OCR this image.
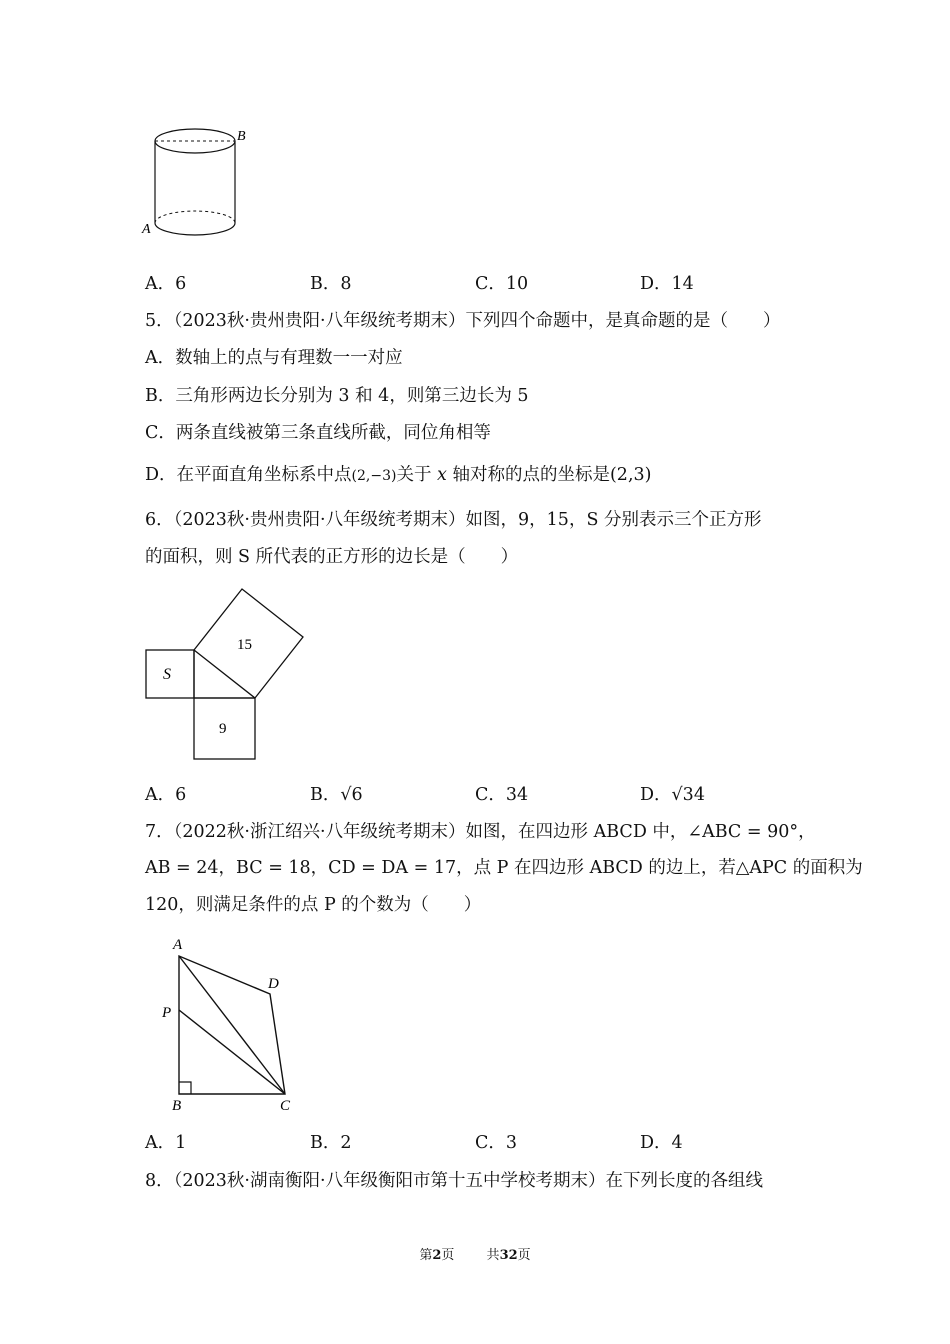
B
A
A．6	B．8	C．10	D．14
5．（2023秋·贵州贵阳·八年级统考期末）下列四个命题中，是真命题的是（　　）
A．数轴上的点与有理数一一对应
B．三角形两边长分别为 3 和 4，则第三边长为 5
C．两条直线被第三条直线所截，同位角相等
D．在平面直角坐标系中点(2,−3)关于 x 轴对称的点的坐标是(2,3)
6．（2023秋·贵州贵阳·八年级统考期末）如图，9，15，S 分别表示三个正方形
的面积，则 S 所代表的正方形的边长是（　　）
15
S
9
A．6	B．√6	C．34	D．√34
7．（2022秋·浙江绍兴·八年级统考期末）如图，在四边形 ABCD 中，∠ABC = 90°，
AB = 24，BC = 18，CD = DA = 17，点 P 在四边形 ABCD 的边上，若△APC 的面积为
120，则满足条件的点 P 的个数为（　　）
A
D
P
B	C
A．1	B．2	C．3	D．4
8．（2023秋·湖南衡阳·八年级衡阳市第十五中学校考期末）在下列长度的各组线
第2页 共32页
